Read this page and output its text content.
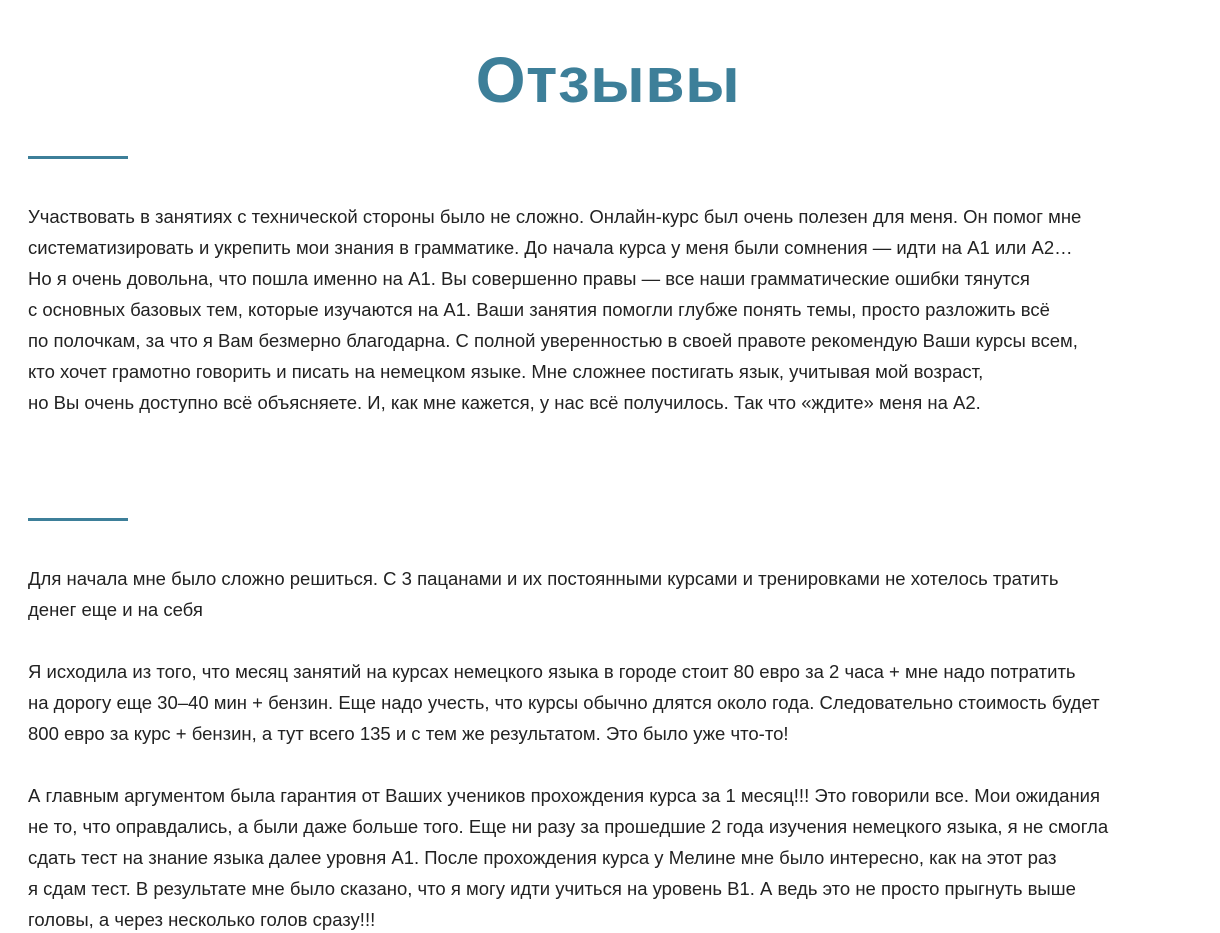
Отзывы

Участвовать в занятиях с технической стороны было не сложно. Онлайн-курс был очень полезен для меня. Он помог мне
систематизировать и укрепить мои знания в грамматике. До начала курса у меня были сомнения — идти на А1 или А2…
Но я очень довольна, что пошла именно на А1. Вы совершенно правы — все наши грамматические ошибки тянутся
с основных базовых тем, которые изучаются на А1. Ваши занятия помогли глубже понять темы, просто разложить всё
по полочкам, за что я Вам безмерно благодарна. С полной уверенностью в своей правоте рекомендую Ваши курсы всем,
кто хочет грамотно говорить и писать на немецком языке. Мне сложнее постигать язык, учитывая мой возраст,
но Вы очень доступно всё объясняете. И, как мне кажется, у нас всё получилось. Так что «ждите» меня на А2.

Для начала мне было сложно решиться. С 3 пацанами и их постоянными курсами и тренировками не хотелось тратить
денег еще и на себя

Я исходила из того, что месяц занятий на курсах немецкого языка в городе стоит 80 евро за 2 часа + мне надо потратить
на дорогу еще 30–40 мин + бензин. Еще надо учесть, что курсы обычно длятся около года. Следовательно стоимость будет
800 евро за курс + бензин, а тут всего 135 и с тем же результатом. Это было уже что-то!

А главным аргументом была гарантия от Ваших учеников прохождения курса за 1 месяц!!! Это говорили все. Мои ожидания
не то, что оправдались, а были даже больше того. Еще ни разу за прошедшие 2 года изучения немецкого языка, я не смогла
сдать тест на знание языка далее уровня А1. После прохождения курса у Мелине мне было интересно, как на этот раз
я сдам тест. В результате мне было сказано, что я могу идти учиться на уровень В1. А ведь это не просто прыгнуть выше
головы, а через несколько голов сразу!!!
